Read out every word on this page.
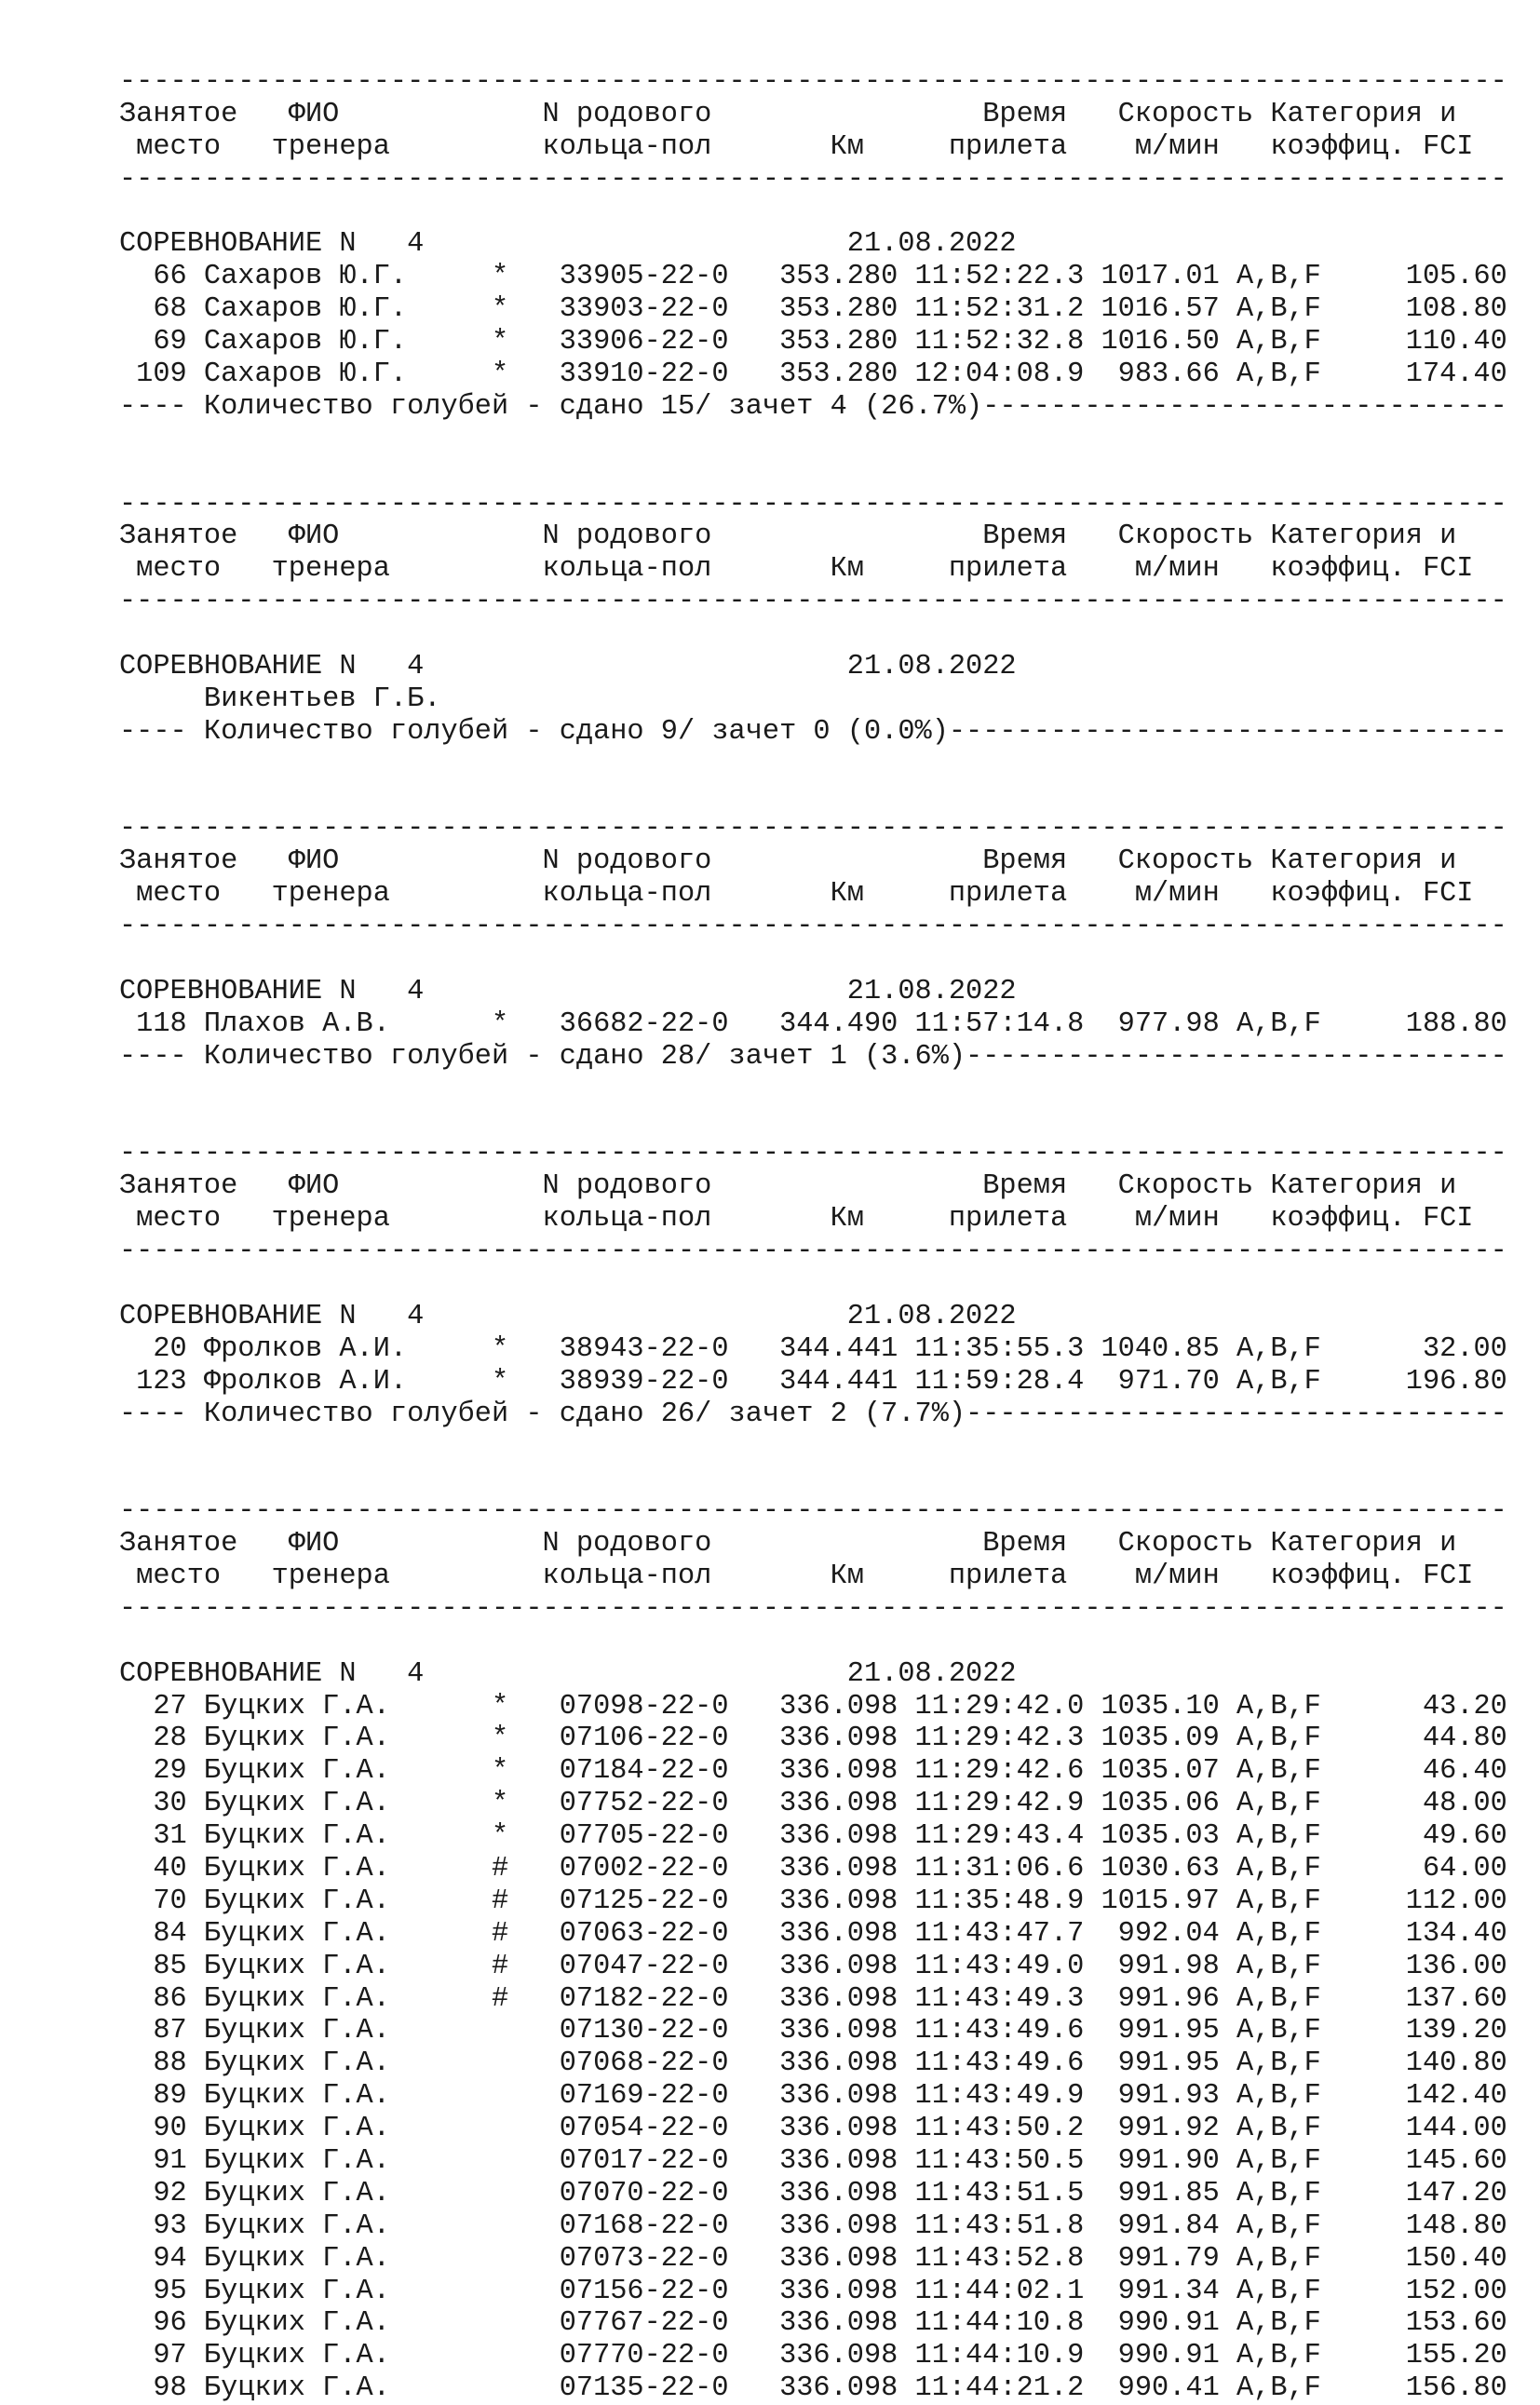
----------------------------------------------------------------------------------
Занятое   ФИО            N родового                Время   Скорость Категория и
место   тренера         кольца-пол       Км     прилета    м/мин   коэффиц. FCI
----------------------------------------------------------------------------------
СОРЕВНОВАНИЕ N   4                         21.08.2022
66 Сахаров Ю.Г.     *   33905-22-0   353.280 11:52:22.3 1017.01 A,B,F     105.60
68 Сахаров Ю.Г.     *   33903-22-0   353.280 11:52:31.2 1016.57 A,B,F     108.80
69 Сахаров Ю.Г.     *   33906-22-0   353.280 11:52:32.8 1016.50 A,B,F     110.40
109 Сахаров Ю.Г.     *   33910-22-0   353.280 12:04:08.9  983.66 A,B,F     174.40
---- Количество голубей - сдано 15/ зачет 4 (26.7%)-------------------------------
----------------------------------------------------------------------------------
Занятое   ФИО            N родового                Время   Скорость Категория и
место   тренера         кольца-пол       Км     прилета    м/мин   коэффиц. FCI
----------------------------------------------------------------------------------
СОРЕВНОВАНИЕ N   4                         21.08.2022
Викентьев Г.Б.
---- Количество голубей - сдано 9/ зачет 0 (0.0%)---------------------------------
----------------------------------------------------------------------------------
Занятое   ФИО            N родового                Время   Скорость Категория и
место   тренера         кольца-пол       Км     прилета    м/мин   коэффиц. FCI
----------------------------------------------------------------------------------
СОРЕВНОВАНИЕ N   4                         21.08.2022
118 Плахов А.В.      *   36682-22-0   344.490 11:57:14.8  977.98 A,B,F     188.80
---- Количество голубей - сдано 28/ зачет 1 (3.6%)--------------------------------
----------------------------------------------------------------------------------
Занятое   ФИО            N родового                Время   Скорость Категория и
место   тренера         кольца-пол       Км     прилета    м/мин   коэффиц. FCI
----------------------------------------------------------------------------------
СОРЕВНОВАНИЕ N   4                         21.08.2022
20 Фролков А.И.     *   38943-22-0   344.441 11:35:55.3 1040.85 A,B,F      32.00
123 Фролков А.И.     *   38939-22-0   344.441 11:59:28.4  971.70 A,B,F     196.80
---- Количество голубей - сдано 26/ зачет 2 (7.7%)--------------------------------
----------------------------------------------------------------------------------
Занятое   ФИО            N родового                Время   Скорость Категория и
место   тренера         кольца-пол       Км     прилета    м/мин   коэффиц. FCI
----------------------------------------------------------------------------------
СОРЕВНОВАНИЕ N   4                         21.08.2022
27 Буцких Г.А.      *   07098-22-0   336.098 11:29:42.0 1035.10 A,B,F      43.20
28 Буцких Г.А.      *   07106-22-0   336.098 11:29:42.3 1035.09 A,B,F      44.80
29 Буцких Г.А.      *   07184-22-0   336.098 11:29:42.6 1035.07 A,B,F      46.40
30 Буцких Г.А.      *   07752-22-0   336.098 11:29:42.9 1035.06 A,B,F      48.00
31 Буцких Г.А.      *   07705-22-0   336.098 11:29:43.4 1035.03 A,B,F      49.60
40 Буцких Г.А.      #   07002-22-0   336.098 11:31:06.6 1030.63 A,B,F      64.00
70 Буцких Г.А.      #   07125-22-0   336.098 11:35:48.9 1015.97 A,B,F     112.00
84 Буцких Г.А.      #   07063-22-0   336.098 11:43:47.7  992.04 A,B,F     134.40
85 Буцких Г.А.      #   07047-22-0   336.098 11:43:49.0  991.98 A,B,F     136.00
86 Буцких Г.А.      #   07182-22-0   336.098 11:43:49.3  991.96 A,B,F     137.60
87 Буцких Г.А.          07130-22-0   336.098 11:43:49.6  991.95 A,B,F     139.20
88 Буцких Г.А.          07068-22-0   336.098 11:43:49.6  991.95 A,B,F     140.80
89 Буцких Г.А.          07169-22-0   336.098 11:43:49.9  991.93 A,B,F     142.40
90 Буцких Г.А.          07054-22-0   336.098 11:43:50.2  991.92 A,B,F     144.00
91 Буцких Г.А.          07017-22-0   336.098 11:43:50.5  991.90 A,B,F     145.60
92 Буцких Г.А.          07070-22-0   336.098 11:43:51.5  991.85 A,B,F     147.20
93 Буцких Г.А.          07168-22-0   336.098 11:43:51.8  991.84 A,B,F     148.80
94 Буцких Г.А.          07073-22-0   336.098 11:43:52.8  991.79 A,B,F     150.40
95 Буцких Г.А.          07156-22-0   336.098 11:44:02.1  991.34 A,B,F     152.00
96 Буцких Г.А.          07767-22-0   336.098 11:44:10.8  990.91 A,B,F     153.60
97 Буцких Г.А.          07770-22-0   336.098 11:44:10.9  990.91 A,B,F     155.20
98 Буцких Г.А.          07135-22-0   336.098 11:44:21.2  990.41 A,B,F     156.80
